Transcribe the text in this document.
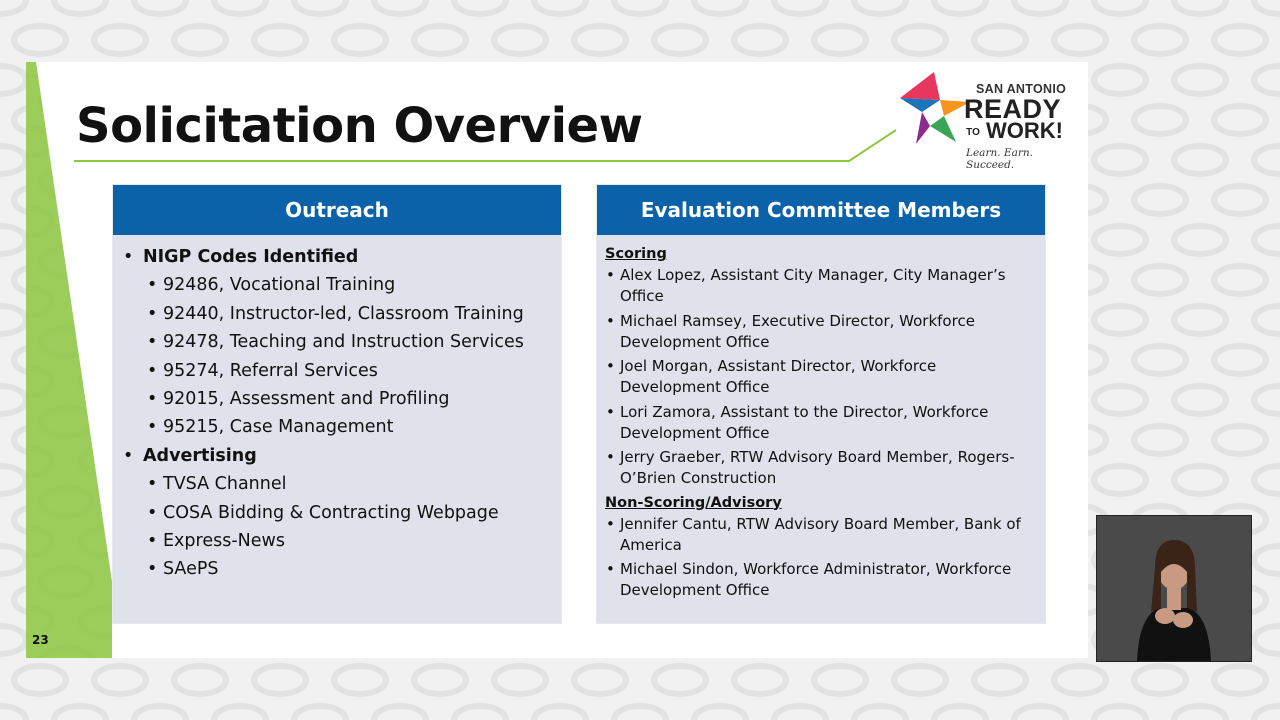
Solicitation Overview
SAN ANTONIO
READY
TO WORK!
Learn. Earn. Succeed.
Outreach
• NIGP Codes Identified
• 92486, Vocational Training
• 92440, Instructor-led, Classroom Training
• 92478, Teaching and Instruction Services
• 95274, Referral Services
• 92015, Assessment and Profiling
• 95215, Case Management
• Advertising
• TVSA Channel
• COSA Bidding & Contracting Webpage
• Express-News
• SAePS
Evaluation Committee Members
Scoring
• Alex Lopez, Assistant City Manager, City Manager’s Office
• Michael Ramsey, Executive Director, Workforce Development Office
• Joel Morgan, Assistant Director, Workforce Development Office
• Lori Zamora, Assistant to the Director, Workforce Development Office
• Jerry Graeber, RTW Advisory Board Member, Rogers-O’Brien Construction
Non-Scoring/Advisory
• Jennifer Cantu, RTW Advisory Board Member, Bank of America
• Michael Sindon, Workforce Administrator, Workforce Development Office
23
